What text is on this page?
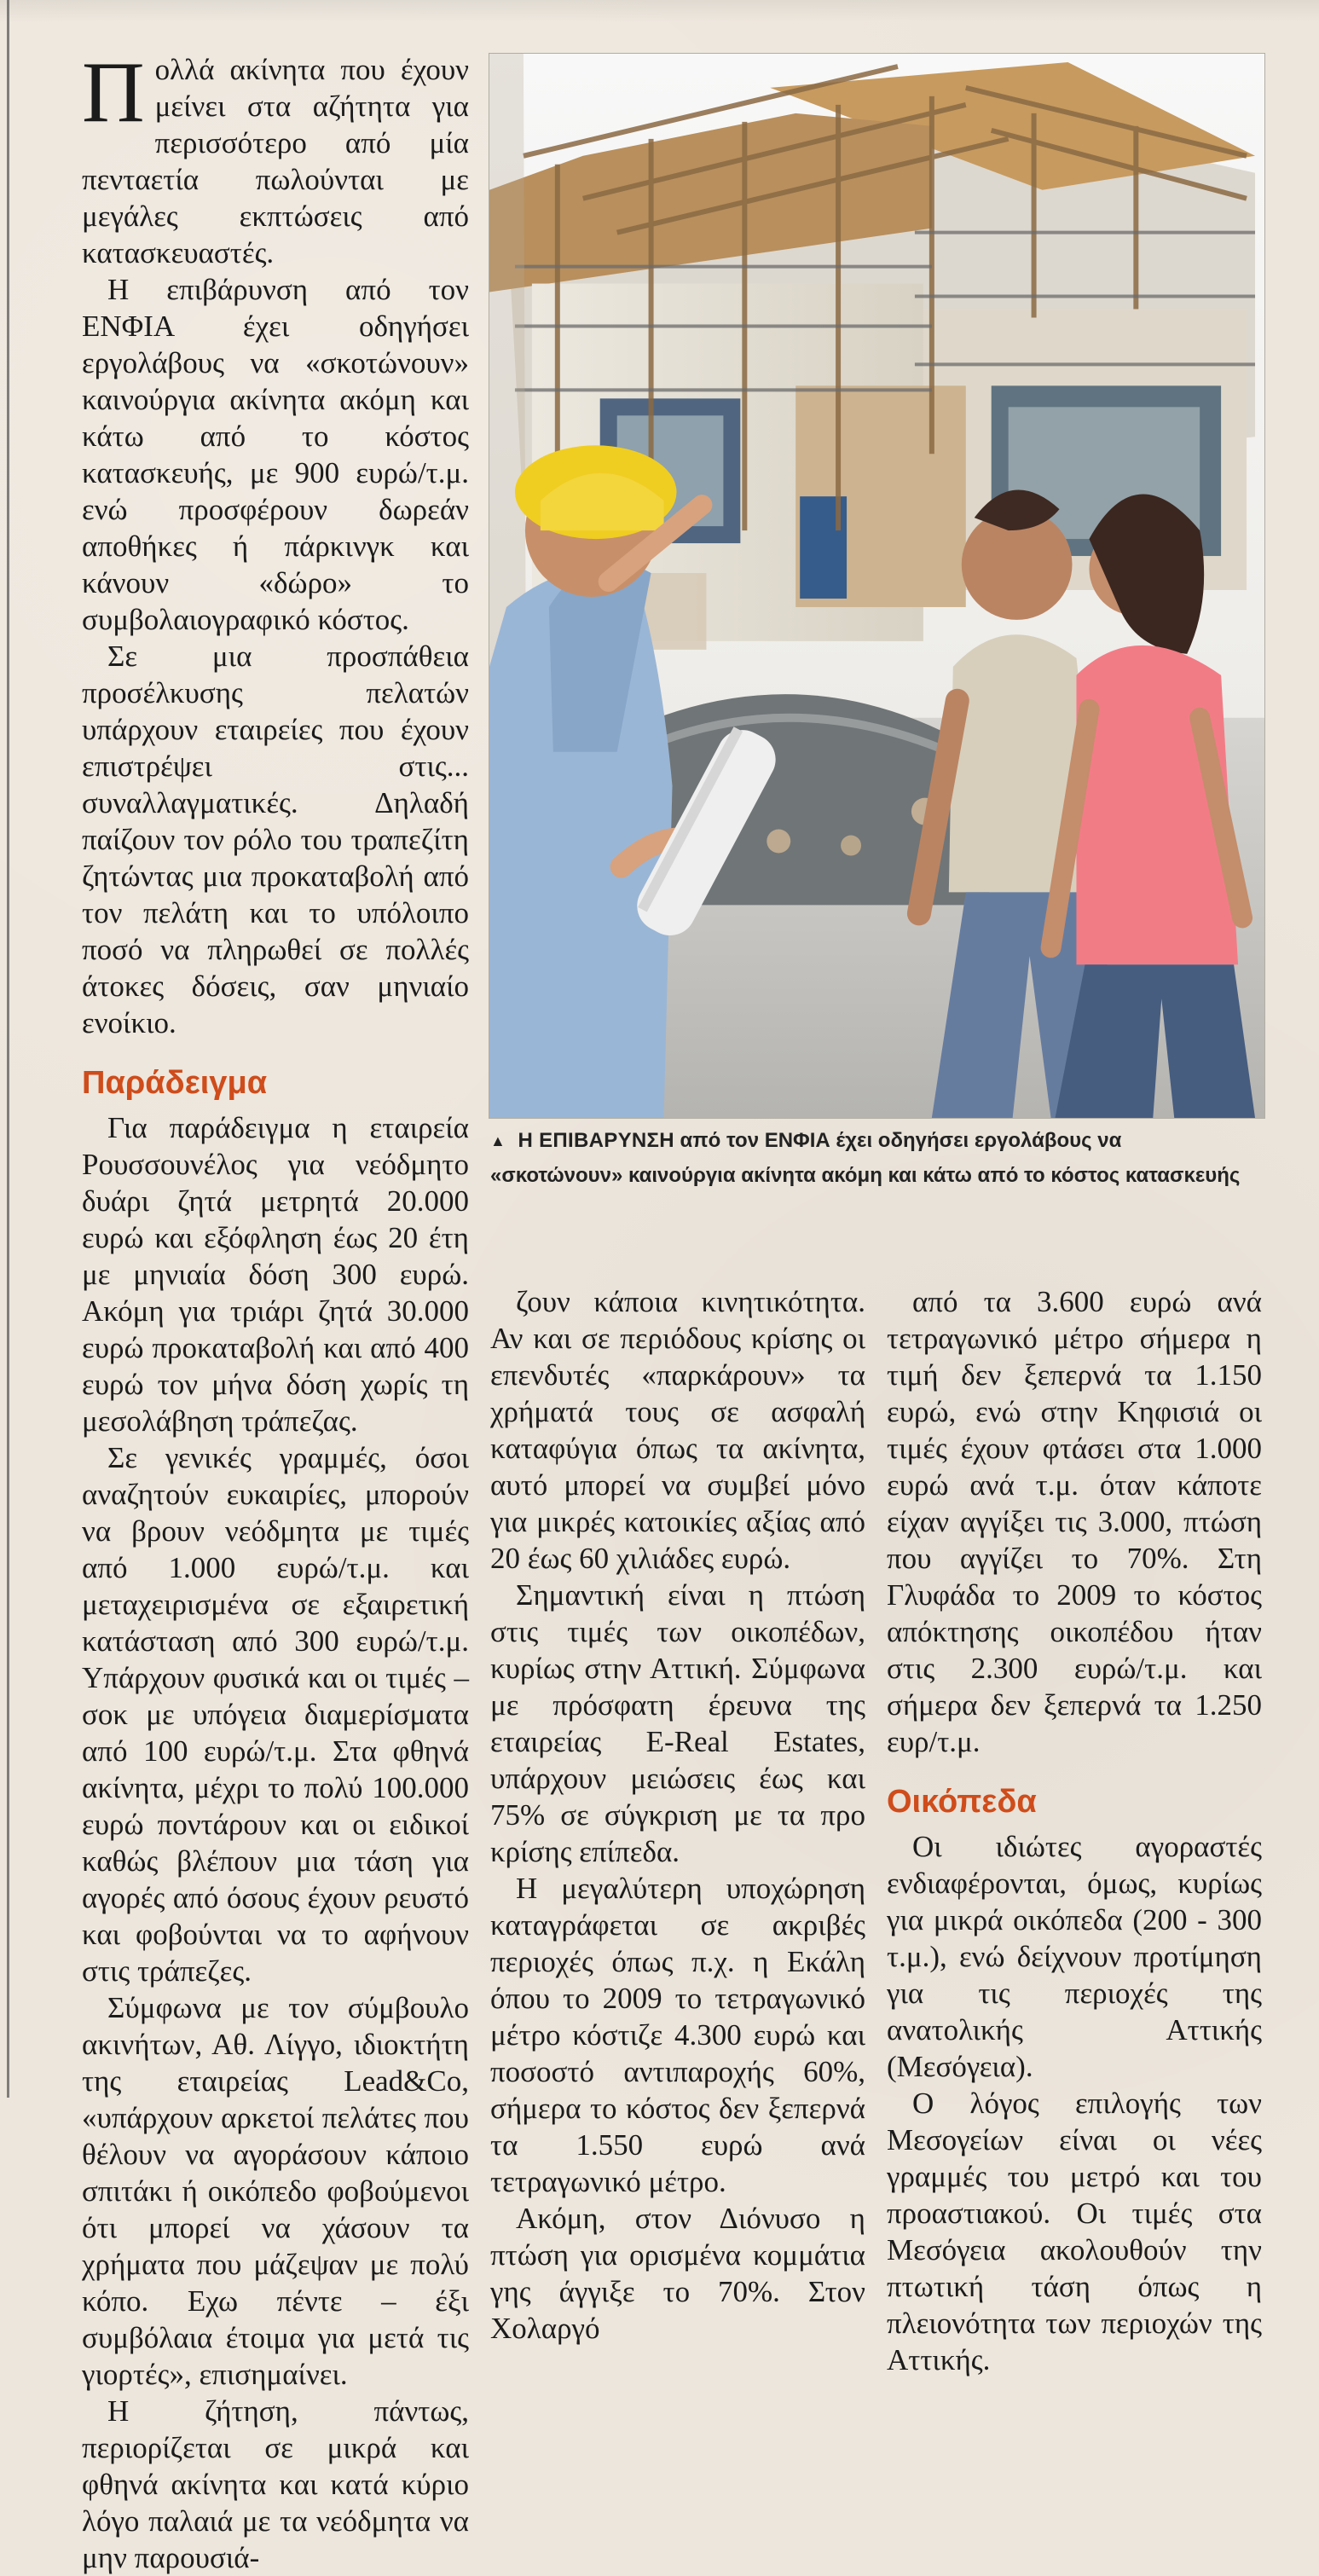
Π ολλά ακίνητα που έχουν μείνει στα αζήτητα για περισσότερο από μία πενταετία πωλούνται με μεγάλες εκπτώσεις από κατασκευαστές.

Η επιβάρυνση από τον ΕΝΦΙΑ έχει οδηγήσει εργολάβους να «σκοτώνουν» καινούργια ακίνητα ακόμη και κάτω από το κόστος κατασκευής, με 900 ευρώ/τ.μ. ενώ προσφέρουν δωρεάν αποθήκες ή πάρκινγκ και κάνουν «δώρο» το συμβολαιογραφικό κόστος.

Σε μια προσπάθεια προσέλκυσης πελατών υπάρχουν εταιρείες που έχουν επιστρέψει στις... συναλλαγματικές. Δηλαδή παίζουν τον ρόλο του τραπεζίτη ζητώντας μια προκαταβολή από τον πελάτη και το υπόλοιπο ποσό να πληρωθεί σε πολλές άτοκες δόσεις, σαν μηνιαίο ενοίκιο.

Παράδειγμα

Για παράδειγμα η εταιρεία Ρουσσουνέλος για νεόδμητο δυάρι ζητά μετρητά 20.000 ευρώ και εξόφληση έως 20 έτη με μηνιαία δόση 300 ευρώ. Ακόμη για τριάρι ζητά 30.000 ευρώ προκαταβολή και από 400 ευρώ τον μήνα δόση χωρίς τη μεσολάβηση τράπεζας.

Σε γενικές γραμμές, όσοι αναζητούν ευκαιρίες, μπορούν να βρουν νεόδμητα με τιμές από 1.000 ευρώ/τ.μ. και μεταχειρισμένα σε εξαιρετική κατάσταση από 300 ευρώ/τ.μ. Υπάρχουν φυσικά και οι τιμές – σοκ με υπόγεια διαμερίσματα από 100 ευρώ/τ.μ. Στα φθηνά ακίνητα, μέχρι το πολύ 100.000 ευρώ ποντάρουν και οι ειδικοί καθώς βλέπουν μια τάση για αγορές από όσους έχουν ρευστό και φοβούνται να το αφήνουν στις τράπεζες.

Σύμφωνα με τον σύμβουλο ακινήτων, Αθ. Λίγγο, ιδιοκτήτη της εταιρείας Lead&Co, «υπάρχουν αρκετοί πελάτες που θέλουν να αγοράσουν κάποιο σπιτάκι ή οικόπεδο φοβούμενοι ότι μπορεί να χάσουν τα χρήματα που μάζεψαν με πολύ κόπο. Εχω πέντε – έξι συμβόλαια έτοιμα για μετά τις γιορτές», επισημαίνει.

Η ζήτηση, πάντως, περιορίζεται σε μικρά και φθηνά ακίνητα και κατά κύριο λόγο παλαιά με τα νεόδμητα να μην παρουσιά-

▲ Η ΕΠΙΒΑΡΥΝΣΗ από τον ΕΝΦΙΑ έχει οδηγήσει εργολάβους να «σκοτώνουν» καινούργια ακίνητα ακόμη και κάτω από το κόστος κατασκευής

ζουν κάποια κινητικότητα. Αν και σε περιόδους κρίσης οι επενδυτές «παρκάρουν» τα χρήματά τους σε ασφαλή καταφύγια όπως τα ακίνητα, αυτό μπορεί να συμβεί μόνο για μικρές κατοικίες αξίας από 20 έως 60 χιλιάδες ευρώ.

Σημαντική είναι η πτώση στις τιμές των οικοπέδων, κυρίως στην Αττική. Σύμφωνα με πρόσφατη έρευνα της εταιρείας E-Real Estates, υπάρχουν μειώσεις έως και 75% σε σύγκριση με τα προ κρίσης επίπεδα.

Η μεγαλύτερη υποχώρηση καταγράφεται σε ακριβές περιοχές όπως π.χ. η Εκάλη όπου το 2009 το τετραγωνικό μέτρο κόστιζε 4.300 ευρώ και ποσοστό αντιπαροχής 60%, σήμερα το κόστος δεν ξεπερνά τα 1.550 ευρώ ανά τετραγωνικό μέτρο.

Ακόμη, στον Διόνυσο η πτώση για ορισμένα κομμάτια γης άγγιξε το 70%. Στον Χολαργό

από τα 3.600 ευρώ ανά τετραγωνικό μέτρο σήμερα η τιμή δεν ξεπερνά τα 1.150 ευρώ, ενώ στην Κηφισιά οι τιμές έχουν φτάσει στα 1.000 ευρώ ανά τ.μ. όταν κάποτε είχαν αγγίξει τις 3.000, πτώση που αγγίζει το 70%. Στη Γλυφάδα το 2009 το κόστος απόκτησης οικοπέδου ήταν στις 2.300 ευρώ/τ.μ. και σήμερα δεν ξεπερνά τα 1.250 ευρ/τ.μ.

Οικόπεδα

Οι ιδιώτες αγοραστές ενδιαφέρονται, όμως, κυρίως για μικρά οικόπεδα (200 - 300 τ.μ.), ενώ δείχνουν προτίμηση για τις περιοχές της ανατολικής Αττικής (Μεσόγεια).

Ο λόγος επιλογής των Μεσογείων είναι οι νέες γραμμές του μετρό και του προαστιακού. Οι τιμές στα Μεσόγεια ακολουθούν την πτωτική τάση όπως η πλειονότητα των περιοχών της Αττικής.
